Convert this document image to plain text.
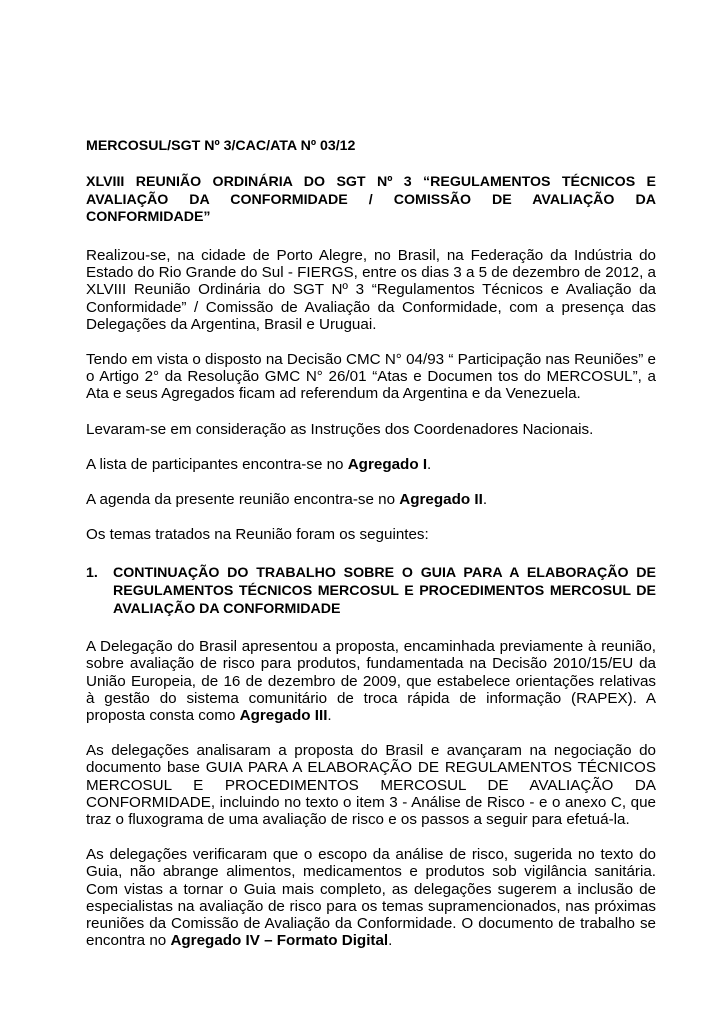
MERCOSUL/SGT Nº 3/CAC/ATA Nº 03/12

XLVIII REUNIÃO ORDINÁRIA DO SGT Nº 3 “REGULAMENTOS TÉCNICOS E AVALIAÇÃO DA CONFORMIDADE / COMISSÃO DE AVALIAÇÃO DA CONFORMIDADE”

Realizou-se, na cidade de Porto Alegre, no Brasil, na Federação da Indústria do Estado do Rio Grande do Sul - FIERGS, entre os dias 3 a 5 de dezembro de 2012, a XLVIII Reunião Ordinária do SGT Nº 3 “Regulamentos Técnicos e Avaliação da Conformidade” / Comissão de Avaliação da Conformidade, com a presença das Delegações da Argentina, Brasil e Uruguai.

Tendo em vista o disposto na Decisão CMC N° 04/93 “ Participação nas Reuniões” e o Artigo 2° da Resolução GMC N° 26/01 “Atas e Documen tos do MERCOSUL”, a Ata e seus Agregados ficam ad referendum da Argentina e da Venezuela.

Levaram-se em consideração as Instruções dos Coordenadores Nacionais.

A lista de participantes encontra-se no Agregado I.

A agenda da presente reunião encontra-se no Agregado II.

Os temas tratados na Reunião foram os seguintes:

1.	CONTINUAÇÃO DO TRABALHO SOBRE O GUIA PARA A ELABORAÇÃO DE REGULAMENTOS TÉCNICOS MERCOSUL E PROCEDIMENTOS MERCOSUL DE AVALIAÇÃO DA CONFORMIDADE

A Delegação do Brasil apresentou a proposta, encaminhada previamente à reunião, sobre avaliação de risco para produtos, fundamentada na Decisão 2010/15/EU da União Europeia, de 16 de dezembro de 2009, que estabelece orientações relativas à gestão do sistema comunitário de troca rápida de informação (RAPEX). A proposta consta como Agregado III.

As delegações analisaram a proposta do Brasil e avançaram na negociação do documento base GUIA PARA A ELABORAÇÃO DE REGULAMENTOS TÉCNICOS MERCOSUL E PROCEDIMENTOS MERCOSUL DE AVALIAÇÃO DA CONFORMIDADE, incluindo no texto o item 3 - Análise de Risco - e o anexo C, que traz o fluxograma de uma avaliação de risco e os passos a seguir para efetuá-la.

As delegações verificaram que o escopo da análise de risco, sugerida no texto do Guia, não abrange alimentos, medicamentos e produtos sob vigilância sanitária. Com vistas a tornar o Guia mais completo, as delegações sugerem a inclusão de especialistas na avaliação de risco para os temas supramencionados, nas próximas reuniões da Comissão de Avaliação da Conformidade. O documento de trabalho se encontra no Agregado IV – Formato Digital.
